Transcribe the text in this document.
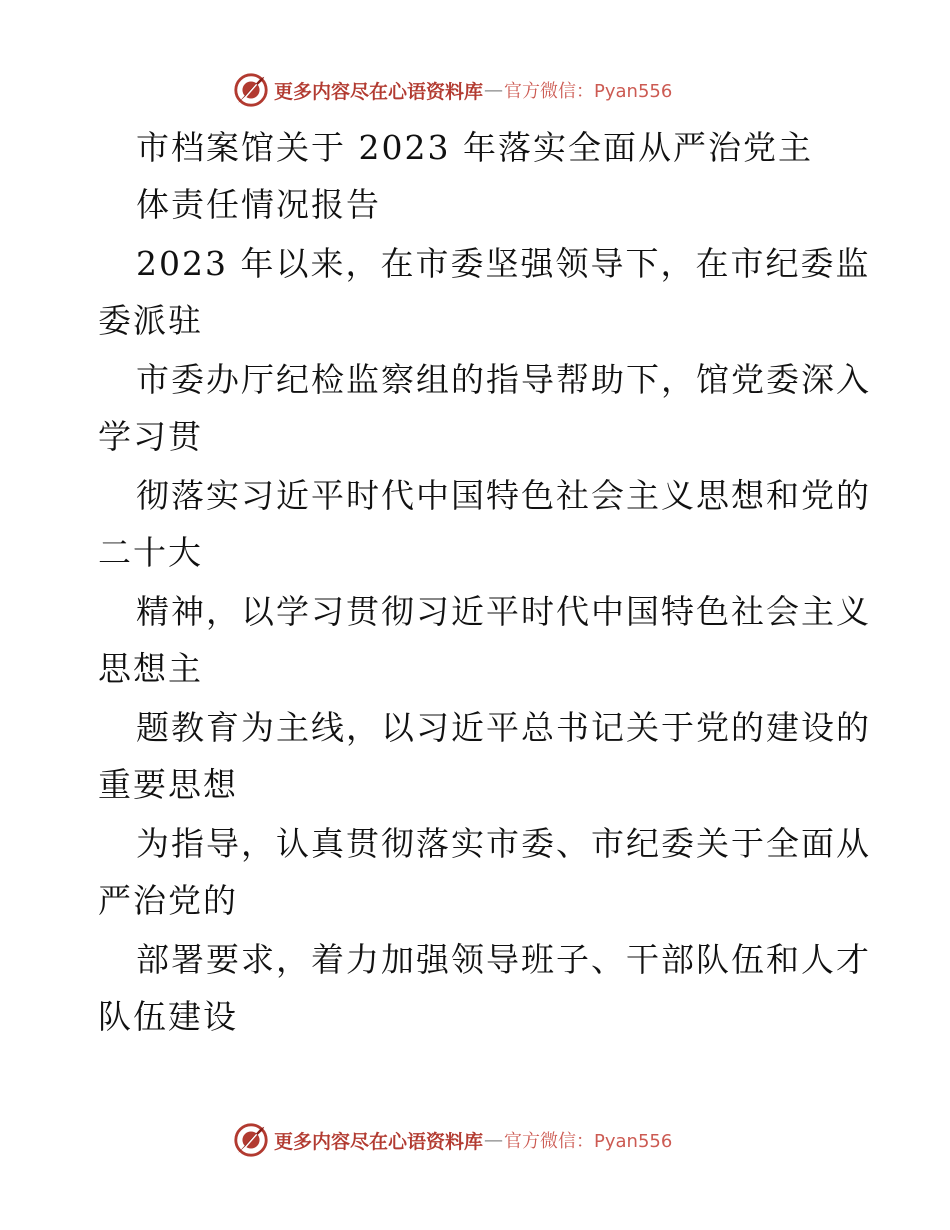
更多内容尽在心语资料库 — 官方微信：Pyan556
市档案馆关于 2023 年落实全面从严治党主
体责任情况报告
2023 年以来，在市委坚强领导下，在市纪委监
委派驻
市委办厅纪检监察组的指导帮助下，馆党委深入
学习贯
彻落实习近平时代中国特色社会主义思想和党的
二十大
精神，以学习贯彻习近平时代中国特色社会主义
思想主
题教育为主线，以习近平总书记关于党的建设的
重要思想
为指导，认真贯彻落实市委、市纪委关于全面从
严治党的
部署要求，着力加强领导班子、干部队伍和人才
队伍建设
更多内容尽在心语资料库 — 官方微信：Pyan556
